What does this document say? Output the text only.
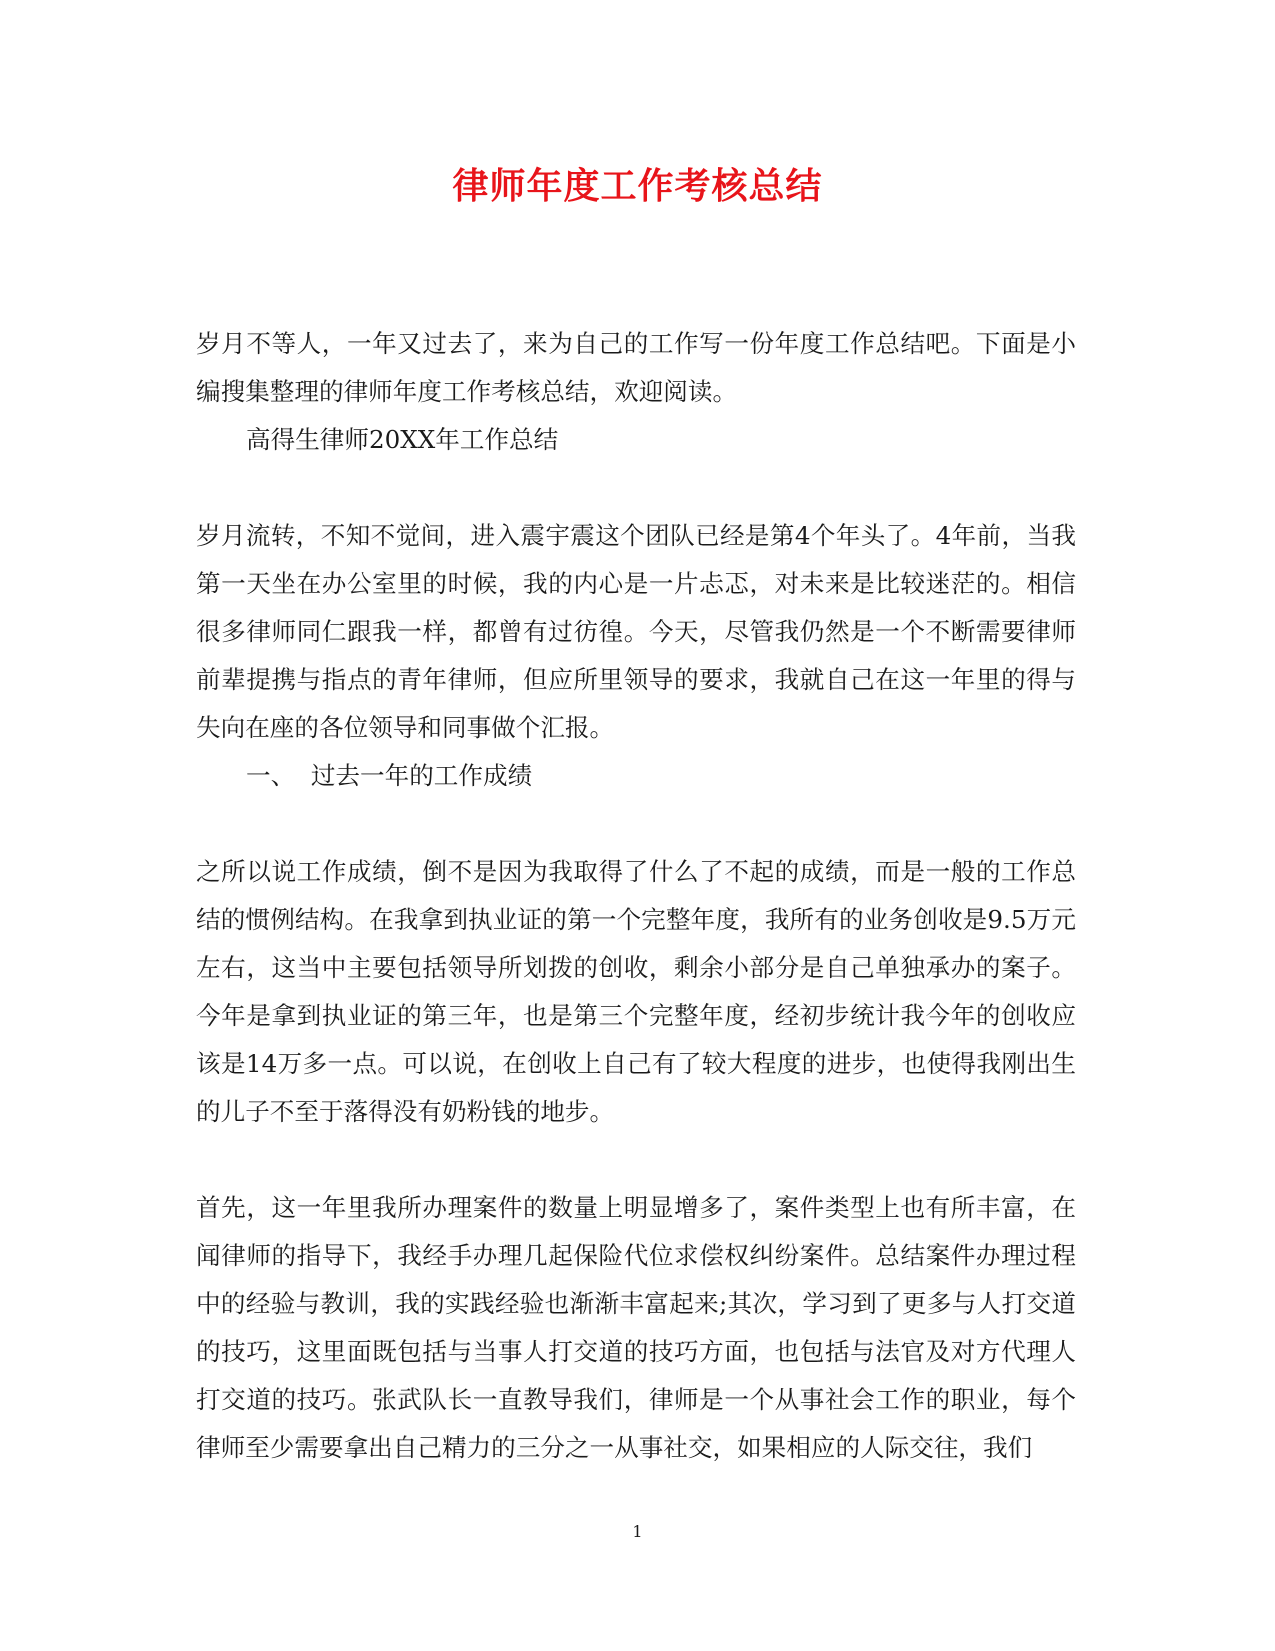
律师年度工作考核总结

岁月不等人，一年又过去了，来为自己的工作写一份年度工作总结吧。下面是小编搜集整理的律师年度工作考核总结，欢迎阅读。

高得生律师20XX年工作总结

岁月流转，不知不觉间，进入震宇震这个团队已经是第4个年头了。4年前，当我第一天坐在办公室里的时候，我的内心是一片忐忑，对未来是比较迷茫的。相信很多律师同仁跟我一样，都曾有过彷徨。今天，尽管我仍然是一个不断需要律师前辈提携与指点的青年律师，但应所里领导的要求，我就自己在这一年里的得与失向在座的各位领导和同事做个汇报。

一、  过去一年的工作成绩

之所以说工作成绩，倒不是因为我取得了什么了不起的成绩，而是一般的工作总结的惯例结构。在我拿到执业证的第一个完整年度，我所有的业务创收是9.5万元左右，这当中主要包括领导所划拨的创收，剩余小部分是自己单独承办的案子。今年是拿到执业证的第三年，也是第三个完整年度，经初步统计我今年的创收应该是14万多一点。可以说，在创收上自己有了较大程度的进步，也使得我刚出生的儿子不至于落得没有奶粉钱的地步。

首先，这一年里我所办理案件的数量上明显增多了，案件类型上也有所丰富，在闻律师的指导下，我经手办理几起保险代位求偿权纠纷案件。总结案件办理过程中的经验与教训，我的实践经验也渐渐丰富起来;其次，学习到了更多与人打交道的技巧，这里面既包括与当事人打交道的技巧方面，也包括与法官及对方代理人打交道的技巧。张武队长一直教导我们，律师是一个从事社会工作的职业，每个律师至少需要拿出自己精力的三分之一从事社交，如果相应的人际交往，我们

1
